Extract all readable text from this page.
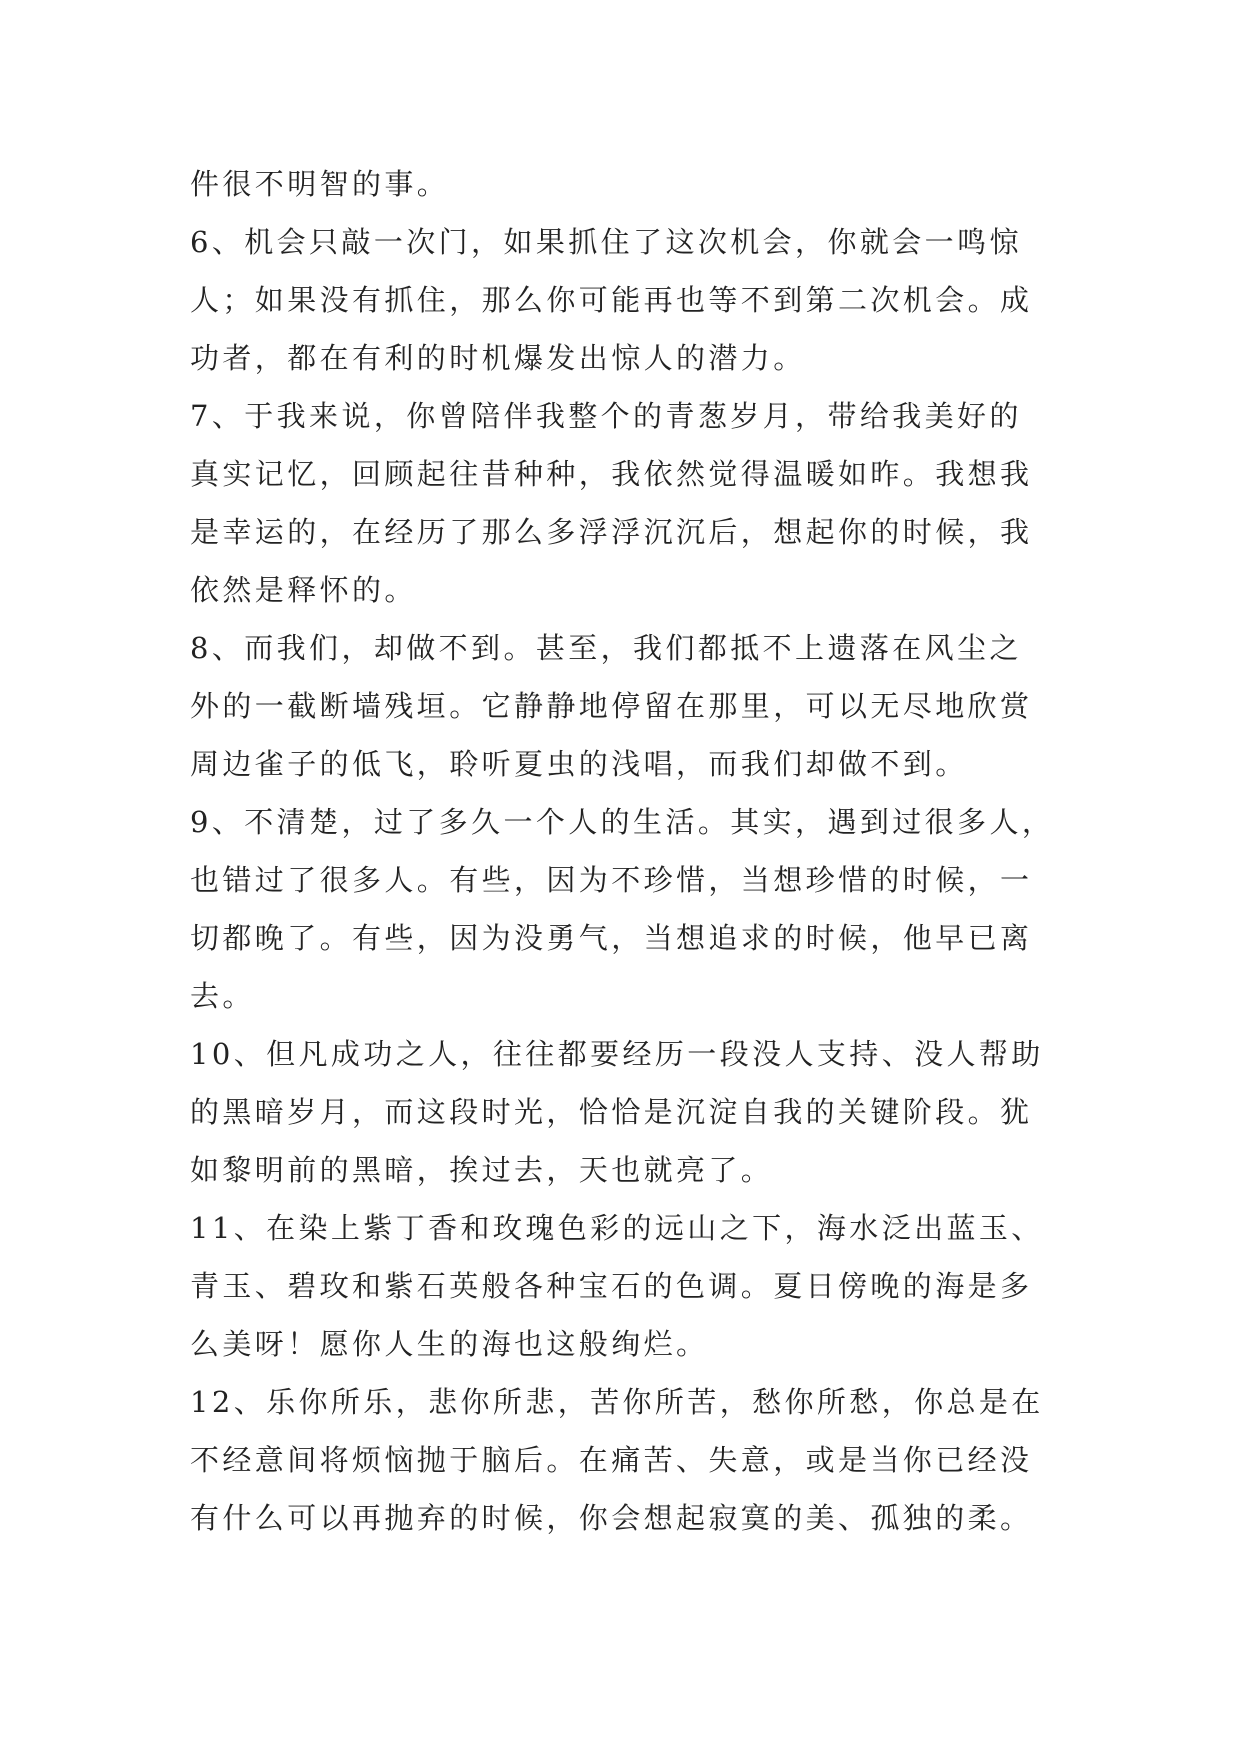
件很不明智的事。
6、机会只敲一次门，如果抓住了这次机会，你就会一鸣惊
人；如果没有抓住，那么你可能再也等不到第二次机会。成
功者，都在有利的时机爆发出惊人的潜力。
7、于我来说，你曾陪伴我整个的青葱岁月，带给我美好的
真实记忆，回顾起往昔种种，我依然觉得温暖如昨。我想我
是幸运的，在经历了那么多浮浮沉沉后，想起你的时候，我
依然是释怀的。
8、而我们，却做不到。甚至，我们都抵不上遗落在风尘之
外的一截断墙残垣。它静静地停留在那里，可以无尽地欣赏
周边雀子的低飞，聆听夏虫的浅唱，而我们却做不到。
9、不清楚，过了多久一个人的生活。其实，遇到过很多人，
也错过了很多人。有些，因为不珍惜，当想珍惜的时候，一
切都晚了。有些，因为没勇气，当想追求的时候，他早已离
去。
10、但凡成功之人，往往都要经历一段没人支持、没人帮助
的黑暗岁月，而这段时光，恰恰是沉淀自我的关键阶段。犹
如黎明前的黑暗，挨过去，天也就亮了。
11、在染上紫丁香和玫瑰色彩的远山之下，海水泛出蓝玉、
青玉、碧玫和紫石英般各种宝石的色调。夏日傍晚的海是多
么美呀！愿你人生的海也这般绚烂。
12、乐你所乐，悲你所悲，苦你所苦，愁你所愁，你总是在
不经意间将烦恼抛于脑后。在痛苦、失意，或是当你已经没
有什么可以再抛弃的时候，你会想起寂寞的美、孤独的柔。
